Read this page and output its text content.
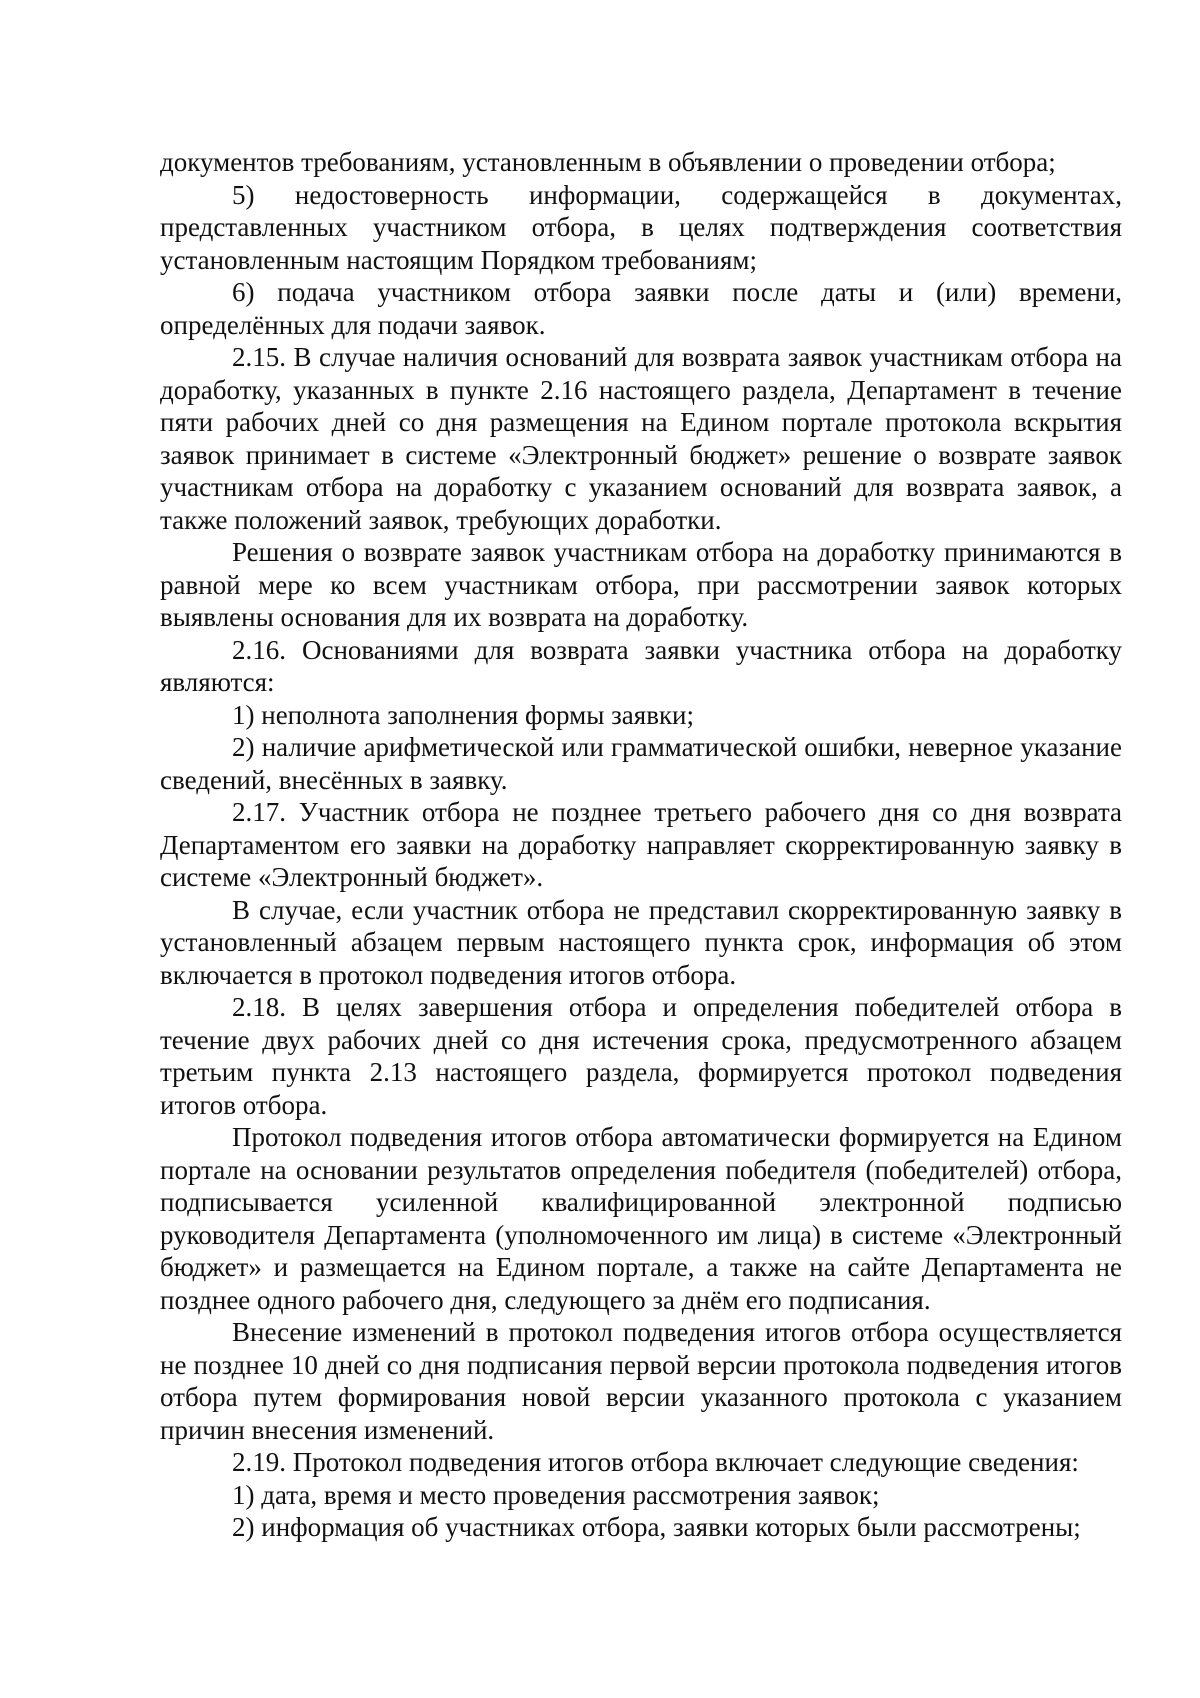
документов требованиям, установленным в объявлении о проведении отбора;

5) недостоверность информации, содержащейся в документах, представленных участником отбора, в целях подтверждения соответствия установленным настоящим Порядком требованиям;

6) подача участником отбора заявки после даты и (или) времени, определённых для подачи заявок.

2.15. В случае наличия оснований для возврата заявок участникам отбора на доработку, указанных в пункте 2.16 настоящего раздела, Департамент в течение пяти рабочих дней со дня размещения на Едином портале протокола вскрытия заявок принимает в системе «Электронный бюджет» решение о возврате заявок участникам отбора на доработку с указанием оснований для возврата заявок, а также положений заявок, требующих доработки.

Решения о возврате заявок участникам отбора на доработку принимаются в равной мере ко всем участникам отбора, при рассмотрении заявок которых выявлены основания для их возврата на доработку.

2.16. Основаниями для возврата заявки участника отбора на доработку являются:

1) неполнота заполнения формы заявки;

2) наличие арифметической или грамматической ошибки, неверное указание сведений, внесённых в заявку.

2.17. Участник отбора не позднее третьего рабочего дня со дня возврата Департаментом его заявки на доработку направляет скорректированную заявку в системе «Электронный бюджет».

В случае, если участник отбора не представил скорректированную заявку в установленный абзацем первым настоящего пункта срок, информация об этом включается в протокол подведения итогов отбора.

2.18. В целях завершения отбора и определения победителей отбора в течение двух рабочих дней со дня истечения срока, предусмотренного абзацем третьим пункта 2.13 настоящего раздела, формируется протокол подведения итогов отбора.

Протокол подведения итогов отбора автоматически формируется на Едином портале на основании результатов определения победителя (победителей) отбора, подписывается усиленной квалифицированной электронной подписью руководителя Департамента (уполномоченного им лица) в системе «Электронный бюджет» и размещается на Едином портале, а также на сайте Департамента не позднее одного рабочего дня, следующего за днём его подписания.

Внесение изменений в протокол подведения итогов отбора осуществляется не позднее 10 дней со дня подписания первой версии протокола подведения итогов отбора путем формирования новой версии указанного протокола с указанием причин внесения изменений.

2.19. Протокол подведения итогов отбора включает следующие сведения:

1) дата, время и место проведения рассмотрения заявок;

2) информация об участниках отбора, заявки которых были рассмотрены;
